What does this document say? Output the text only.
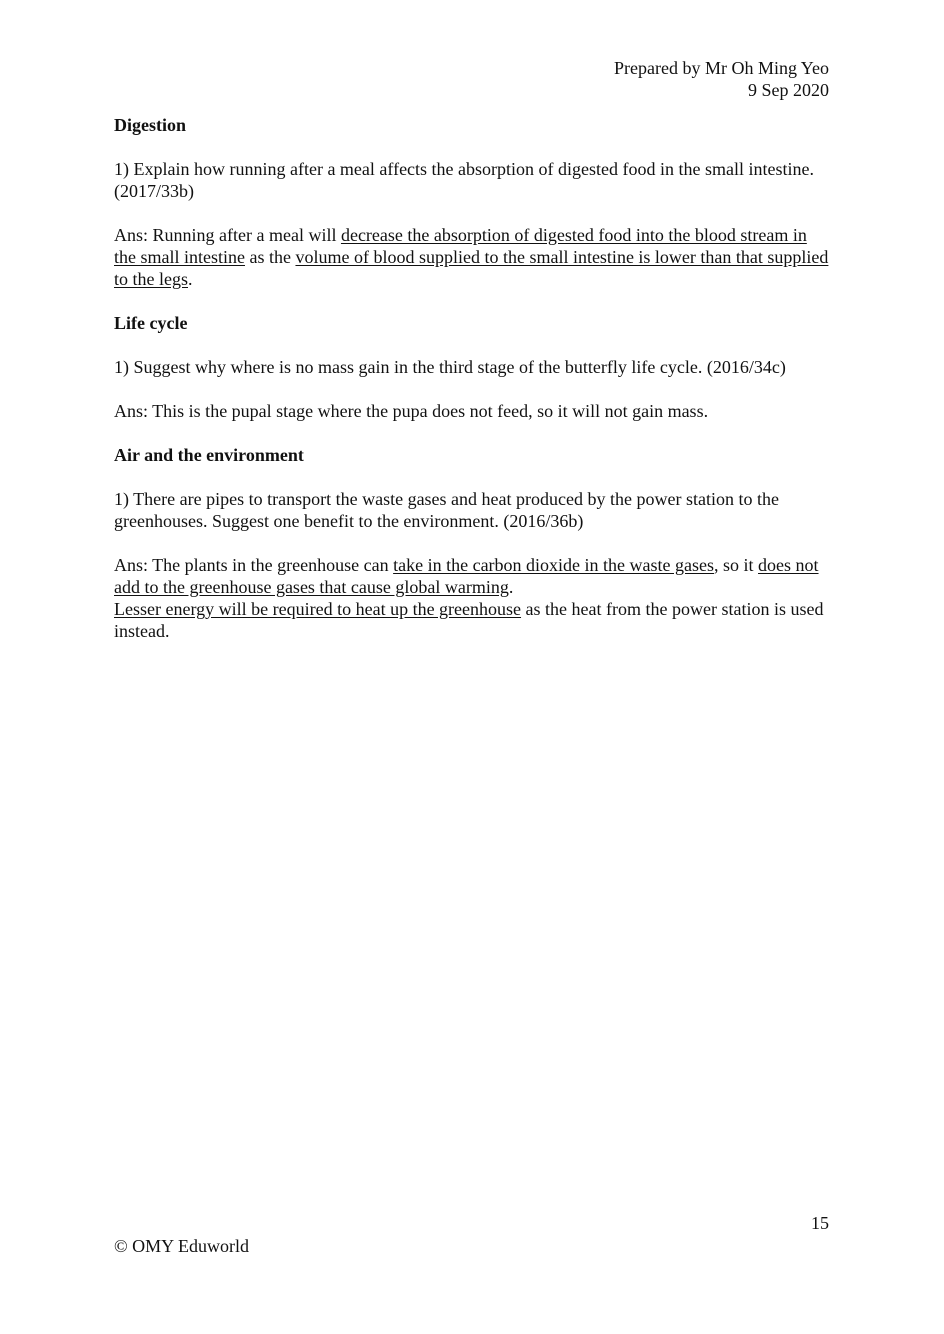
Prepared by Mr Oh Ming Yeo
9 Sep 2020
Digestion

1) Explain how running after a meal affects the absorption of digested food in the small intestine. (2017/33b)

Ans: Running after a meal will decrease the absorption of digested food into the blood stream in the small intestine as the volume of blood supplied to the small intestine is lower than that supplied to the legs.

Life cycle

1) Suggest why where is no mass gain in the third stage of the butterfly life cycle. (2016/34c)

Ans: This is the pupal stage where the pupa does not feed, so it will not gain mass.

Air and the environment

1) There are pipes to transport the waste gases and heat produced by the power station to the greenhouses. Suggest one benefit to the environment. (2016/36b)

Ans: The plants in the greenhouse can take in the carbon dioxide in the waste gases, so it does not add to the greenhouse gases that cause global warming.
Lesser energy will be required to heat up the greenhouse as the heat from the power station is used instead.

15
© OMY Eduworld
